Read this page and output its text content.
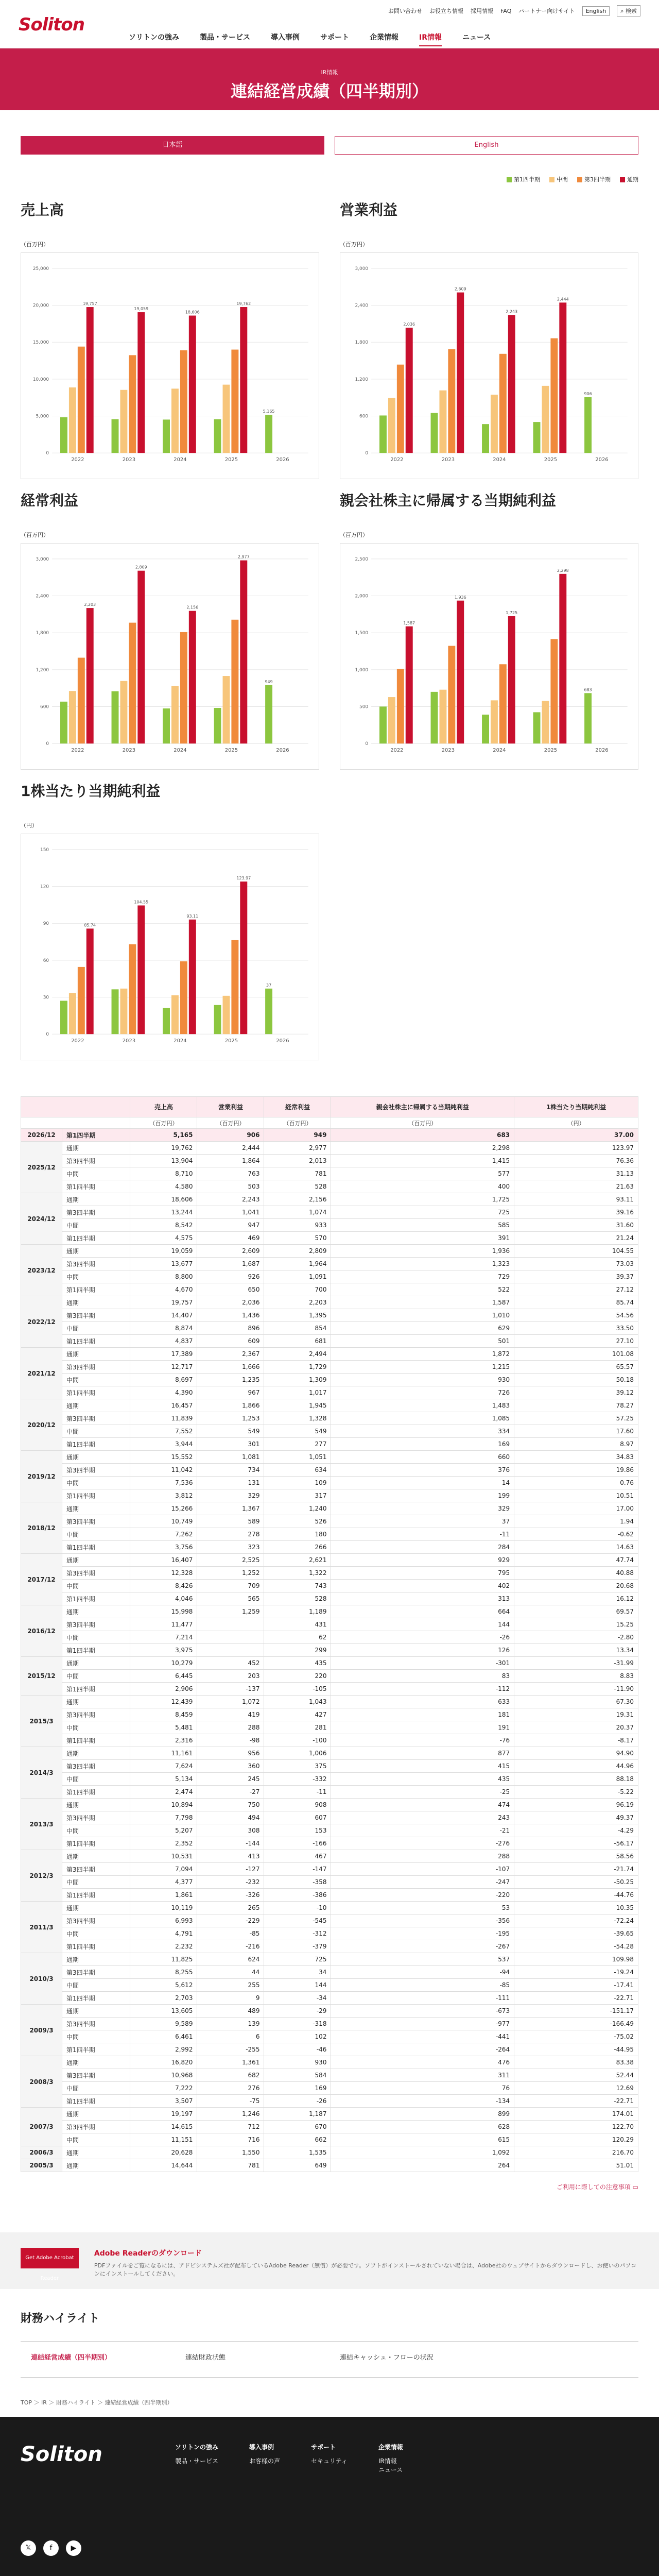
Soliton
お問い合わせ お役立ち情報 採用情報 FAQ パートナー向けサイト	English	⌕ 検索
ソリトンの強み	製品・サービス	導入事例	サポート	企業情報	IR情報	ニュース
IR情報
連結経営成績（四半期別）
日本語	English
第1四半期	中間	第3四半期	通期
売上高
（百万円）
0
5,000
10,000
15,000
20,000
25,000
19,757
2022
19,059
2023
18,606
2024
19,762
2025
5,165
2026
営業利益
（百万円）
0
600
1,200
1,800
2,400
3,000
2,036
2022
2,609
2023
2,243
2024
2,444
2025
906
2026
経常利益
（百万円）
0
600
1,200
1,800
2,400
3,000
2,203
2022
2,809
2023
2,156
2024
2,977
2025
949
2026
親会社株主に帰属する当期純利益
（百万円）
0
500
1,000
1,500
2,000
2,500
1,587
2022
1,936
2023
1,725
2024
2,298
2025
683
2026
1株当たり当期純利益
（円）
0
30
60
90
120
150
85.74
2022
104.55
2023
93.11
2024
123.97
2025
37
2026
		売上高	営業利益	経常利益	親会社株主に帰属する当期純利益	1株当たり当期純利益
		（百万円）	（百万円）	（百万円）	（百万円）	（円）
2026/12	第1四半期	5,165	906	949	683	37.00
2025/12	通期	19,762	2,444	2,977	2,298	123.97
	第3四半期	13,904	1,864	2,013	1,415	76.36
	中間	8,710	763	781	577	31.13
	第1四半期	4,580	503	528	400	21.63
2024/12	通期	18,606	2,243	2,156	1,725	93.11
	第3四半期	13,244	1,041	1,074	725	39.16
	中間	8,542	947	933	585	31.60
	第1四半期	4,575	469	570	391	21.24
2023/12	通期	19,059	2,609	2,809	1,936	104.55
	第3四半期	13,677	1,687	1,964	1,323	73.03
	中間	8,800	926	1,091	729	39.37
	第1四半期	4,670	650	700	522	27.12
2022/12	通期	19,757	2,036	2,203	1,587	85.74
	第3四半期	14,407	1,436	1,395	1,010	54.56
	中間	8,874	896	854	629	33.50
	第1四半期	4,837	609	681	501	27.10
2021/12	通期	17,389	2,367	2,494	1,872	101.08
	第3四半期	12,717	1,666	1,729	1,215	65.57
	中間	8,697	1,235	1,309	930	50.18
	第1四半期	4,390	967	1,017	726	39.12
2020/12	通期	16,457	1,866	1,945	1,483	78.27
	第3四半期	11,839	1,253	1,328	1,085	57.25
	中間	7,552	549	549	334	17.60
	第1四半期	3,944	301	277	169	8.97
2019/12	通期	15,552	1,081	1,051	660	34.83
	第3四半期	11,042	734	634	376	19.86
	中間	7,536	131	109	14	0.76
	第1四半期	3,812	329	317	199	10.51
2018/12	通期	15,266	1,367	1,240	329	17.00
	第3四半期	10,749	589	526	37	1.94
	中間	7,262	278	180	-11	-0.62
	第1四半期	3,756	323	266	284	14.63
2017/12	通期	16,407	2,525	2,621	929	47.74
	第3四半期	12,328	1,252	1,322	795	40.88
	中間	8,426	709	743	402	20.68
	第1四半期	4,046	565	528	313	16.12
2016/12	通期	15,998	1,259	1,189	664	69.57
	第3四半期	11,477		431	144	15.25
	中間	7,214		62	-26	-2.80
	第1四半期	3,975		299	126	13.34
2015/12	通期	10,279	452	435	-301	-31.99
	中間	6,445	203	220	83	8.83
	第1四半期	2,906	-137	-105	-112	-11.90
2015/3	通期	12,439	1,072	1,043	633	67.30
	第3四半期	8,459	419	427	181	19.31
	中間	5,481	288	281	191	20.37
	第1四半期	2,316	-98	-100	-76	-8.17
2014/3	通期	11,161	956	1,006	877	94.90
	第3四半期	7,624	360	375	415	44.96
	中間	5,134	245	-332	435	88.18
	第1四半期	2,474	-27	-11	-25	-5.22
2013/3	通期	10,894	750	908	474	96.19
	第3四半期	7,798	494	607	243	49.37
	中間	5,207	308	153	-21	-4.29
	第1四半期	2,352	-144	-166	-276	-56.17
2012/3	通期	10,531	413	467	288	58.56
	第3四半期	7,094	-127	-147	-107	-21.74
	中間	4,377	-232	-358	-247	-50.25
	第1四半期	1,861	-326	-386	-220	-44.76
2011/3	通期	10,119	265	-10	53	10.35
	第3四半期	6,993	-229	-545	-356	-72.24
	中間	4,791	-85	-312	-195	-39.65
	第1四半期	2,232	-216	-379	-267	-54.28
2010/3	通期	11,825	624	725	537	109.98
	第3四半期	8,255	44	34	-94	-19.24
	中間	5,612	255	144	-85	-17.41
	第1四半期	2,703	9	-34	-111	-22.71
2009/3	通期	13,605	489	-29	-673	-151.17
	第3四半期	9,589	139	-318	-977	-166.49
	中間	6,461	6	102	-441	-75.02
	第1四半期	2,992	-255	-46	-264	-44.95
2008/3	通期	16,820	1,361	930	476	83.38
	第3四半期	10,968	682	584	311	52.44
	中間	7,222	276	169	76	12.69
	第1四半期	3,507	-75	-26	-134	-22.71
2007/3	通期	19,197	1,246	1,187	899	174.01
	第3四半期	14,615	712	670	628	122.70
	中間	11,151	716	662	615	120.29
2006/3	通期	20,628	1,550	1,535	1,092	216.70
2005/3	通期	14,644	781	649	264	51.01
ご利用に際しての注意事項 ▭
Get Adobe Acrobat Reader
Adobe Readerのダウンロード

PDFファイルをご覧になるには、アドビシステムズ社が配布しているAdobe Reader（無償）が必要です。ソフトがインストールされていない場合は、Adobe社のウェブサイトからダウンロードし、お使いのパソコンにインストールしてください。

財務ハイライト
連結経営成績（四半期別）	連結財政状態	連結キャッシュ・フローの状況
TOP ＞ IR ＞ 財務ハイライト ＞ 連結経営成績（四半期別）
Soliton	ソリトンの強み
製品・サービス
導入事例
お客様の声
サポート
セキュリティ
企業情報
IR情報
ニュース
𝕏	f	▶
